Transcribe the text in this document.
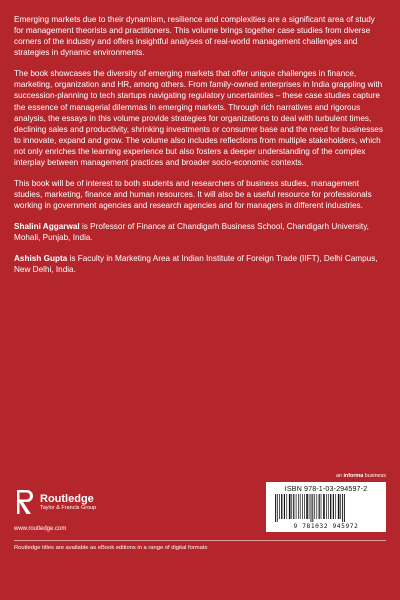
Emerging markets due to their dynamism, resilience and complexities are a significant area of study for management theorists and practitioners. This volume brings together case studies from diverse corners of the industry and offers insightful analyses of real-world management challenges and strategies in dynamic environments.

The book showcases the diversity of emerging markets that offer unique challenges in finance, marketing, organization and HR, among others. From family-owned enterprises in India grappling with succession-planning to tech startups navigating regulatory uncertainties – these case studies capture the essence of managerial dilemmas in emerging markets. Through rich narratives and rigorous analysis, the essays in this volume provide strategies for organizations to deal with turbulent times, declining sales and productivity, shrinking investments or consumer base and the need for businesses to innovate, expand and grow. The volume also includes reflections from multiple stakeholders, which not only enriches the learning experience but also fosters a deeper understanding of the complex interplay between management practices and broader socio-economic contexts.

This book will be of interest to both students and researchers of business studies, management studies, marketing, finance and human resources. It will also be a useful resource for professionals working in government agencies and research agencies and for managers in different industries.

Shalini Aggarwal is Professor of Finance at Chandigarh Business School, Chandigarh University, Mohali, Punjab, India.

Ashish Gupta is Faculty in Marketing Area at Indian Institute of Foreign Trade (IIFT), Delhi Campus, New Delhi, India.

an informa business
Routledge
Taylor & Francis Group
www.routledge.com
ISBN 978-1-03-294597-2
9 781032 945972
Routledge titles are available as eBook editions in a range of digital formats
